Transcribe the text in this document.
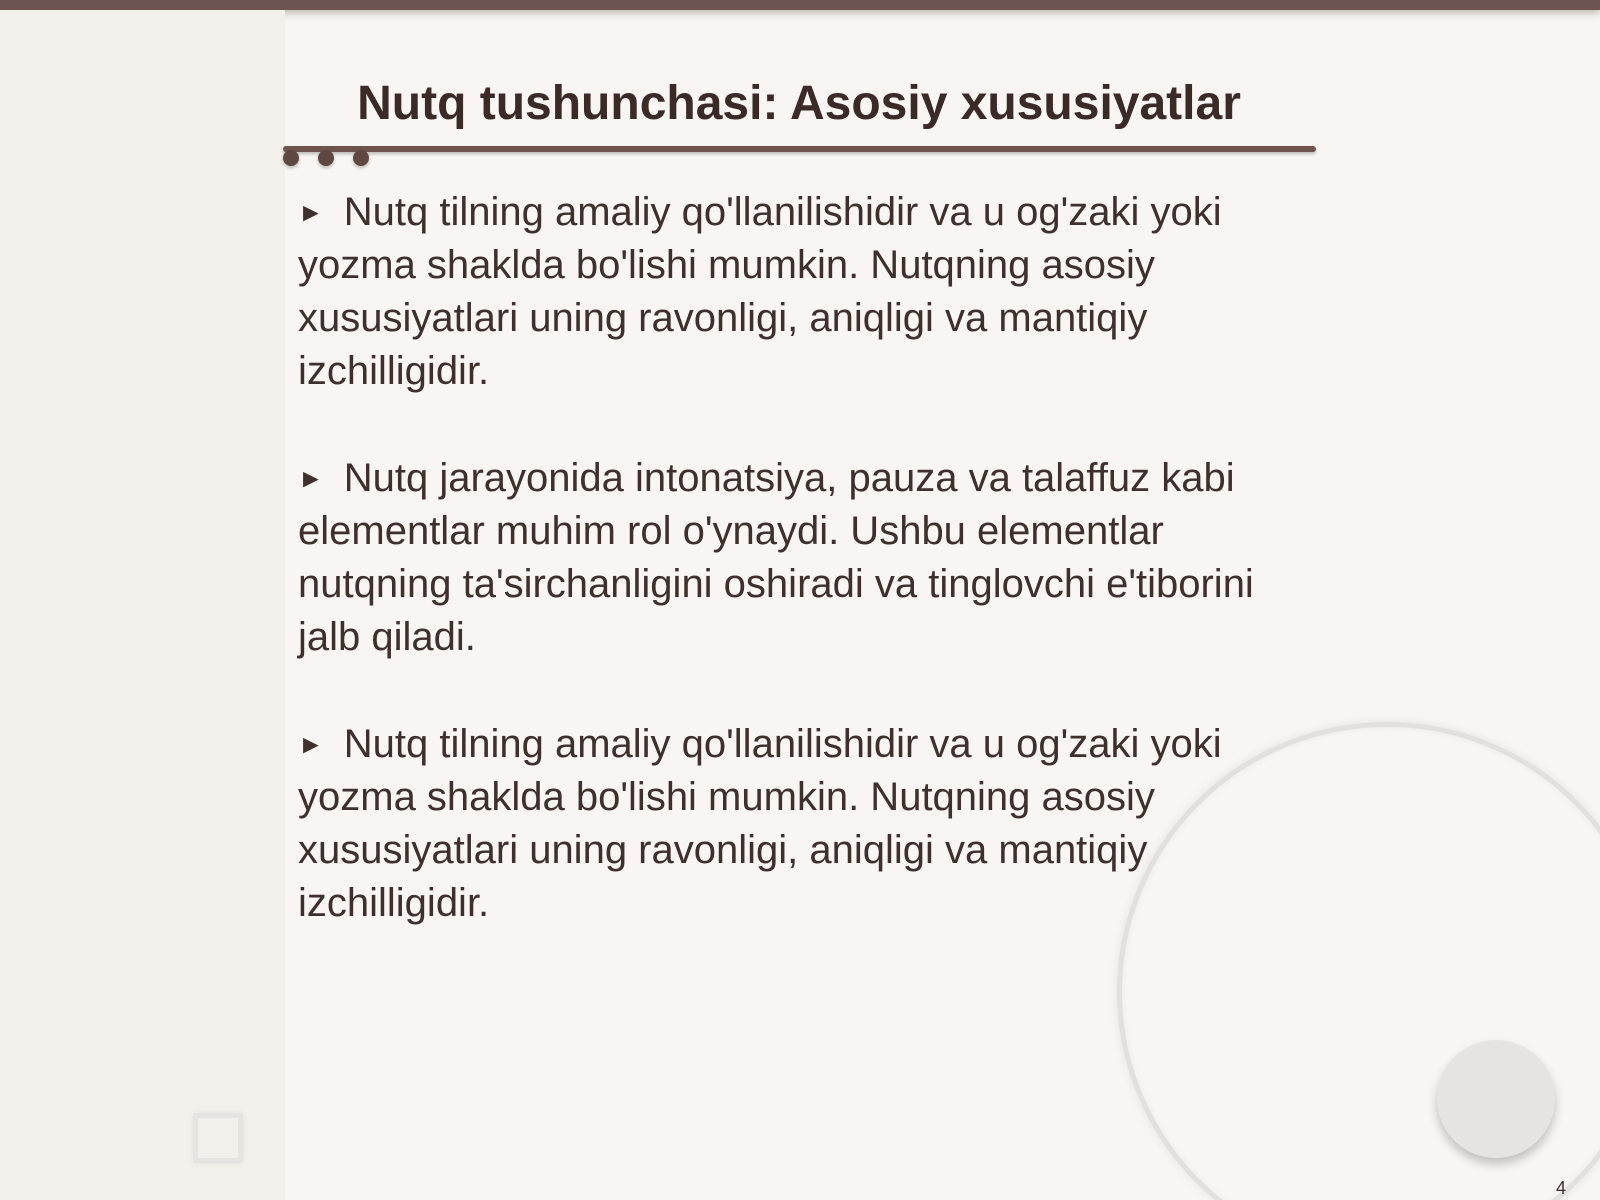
Nutq tushunchasi: Asosiy xususiyatlar

► Nutq tilning amaliy qo'llanilishidir va u og'zaki yoki yozma shaklda bo'lishi mumkin. Nutqning asosiy xususiyatlari uning ravonligi, aniqligi va mantiqiy izchilligidir.

► Nutq jarayonida intonatsiya, pauza va talaffuz kabi elementlar muhim rol o'ynaydi. Ushbu elementlar nutqning ta'sirchanligini oshiradi va tinglovchi e'tiborini jalb qiladi.

► Nutq tilning amaliy qo'llanilishidir va u og'zaki yoki yozma shaklda bo'lishi mumkin. Nutqning asosiy xususiyatlari uning ravonligi, aniqligi va mantiqiy izchilligidir.

4
